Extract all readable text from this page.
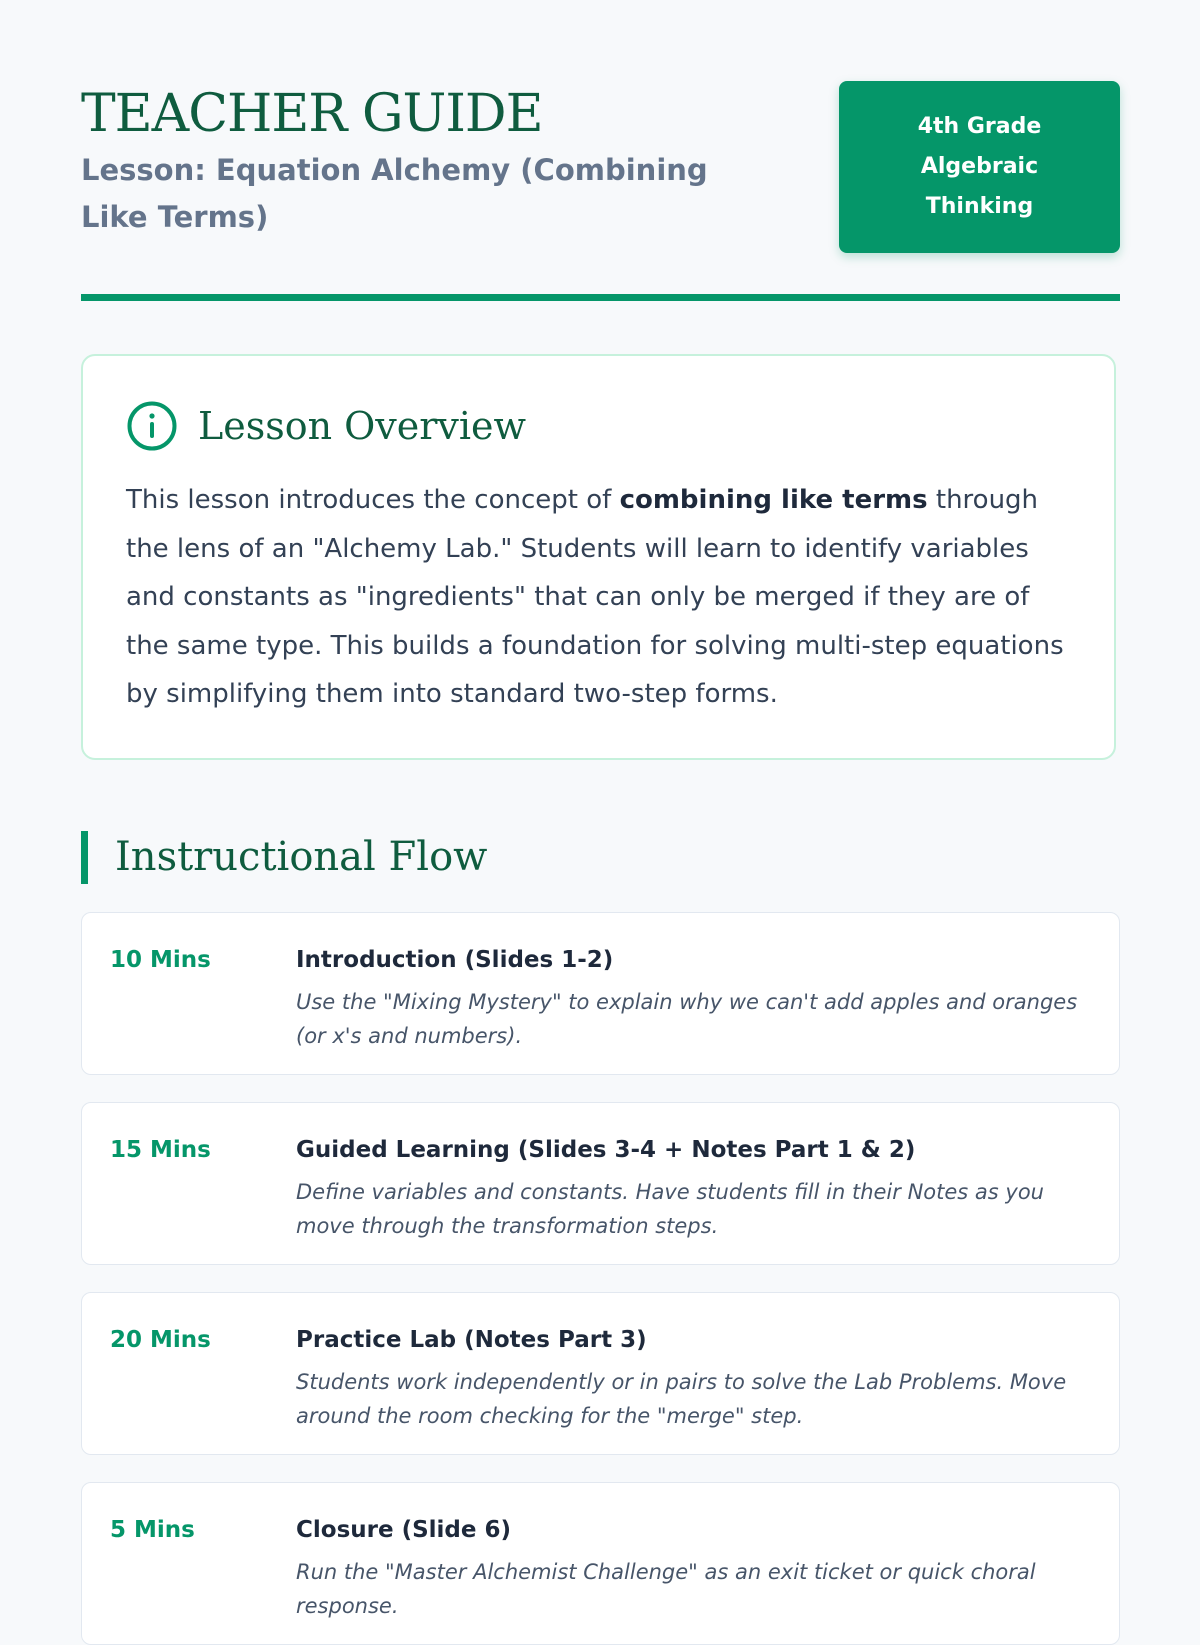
TEACHER GUIDE
Lesson: Equation Alchemy (Combining Like Terms)
4th Grade
Algebraic
Thinking
Lesson Overview

This lesson introduces the concept of combining like terms through the lens of an "Alchemy Lab." Students will learn to identify variables and constants as "ingredients" that can only be merged if they are of the same type. This builds a foundation for solving multi-step equations by simplifying them into standard two-step forms.

Instructional Flow
10 Mins	Introduction (Slides 1-2)

Use the "Mixing Mystery" to explain why we can't add apples and oranges (or x's and numbers).

15 Mins	Guided Learning (Slides 3-4 + Notes Part 1 & 2)

Define variables and constants. Have students fill in their Notes as you move through the transformation steps.

20 Mins	Practice Lab (Notes Part 3)

Students work independently or in pairs to solve the Lab Problems. Move around the room checking for the "merge" step.

5 Mins	Closure (Slide 6)

Run the "Master Alchemist Challenge" as an exit ticket or quick choral response.
